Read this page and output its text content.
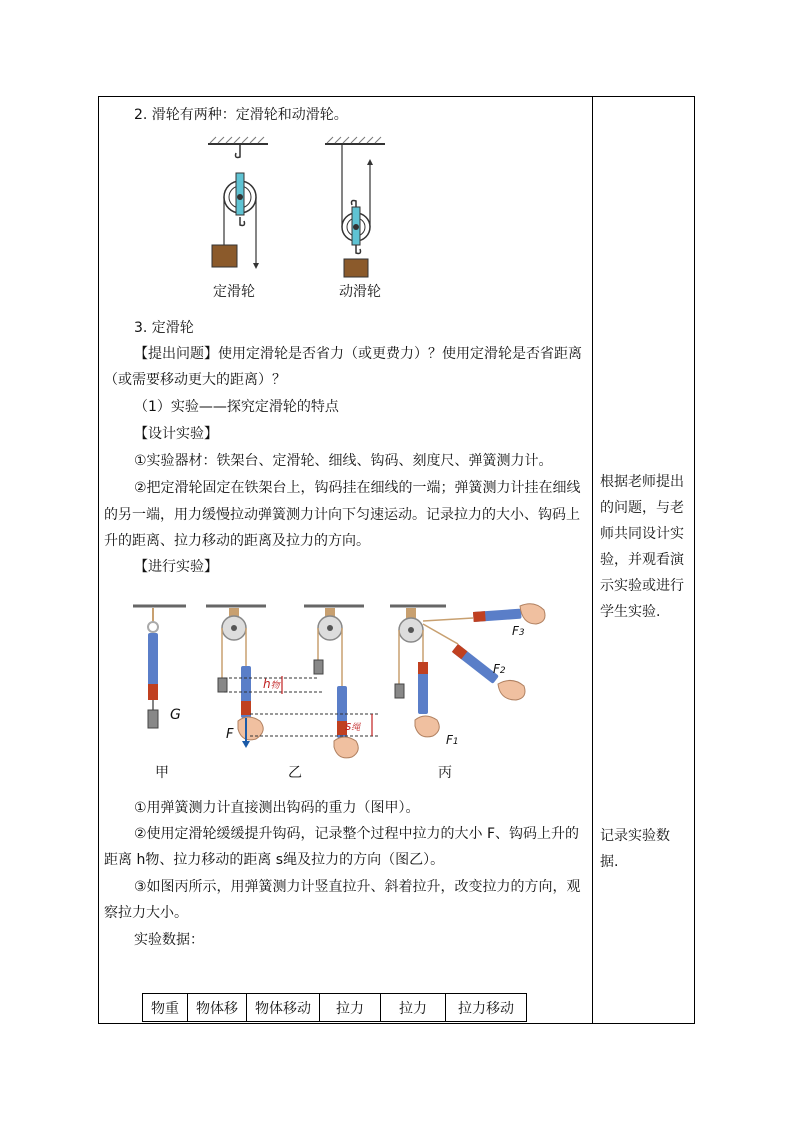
2. 滑轮有两种：定滑轮和动滑轮。
定滑轮	动滑轮
3. 定滑轮
【提出问题】使用定滑轮是否省力（或更费力）？使用定滑轮是否省距离
（或需要移动更大的距离）？
（1）实验——探究定滑轮的特点
【设计实验】
①实验器材：铁架台、定滑轮、细线、钩码、刻度尺、弹簧测力计。
②把定滑轮固定在铁架台上，钩码挂在细线的一端；弹簧测力计挂在细线
的另一端，用力缓慢拉动弹簧测力计向下匀速运动。记录拉力的大小、钩码上
升的距离、拉力移动的距离及拉力的方向。
【进行实验】
G
F
h物
s绳
F1
F2
F3
甲	乙	丙
①用弹簧测力计直接测出钩码的重力（图甲）。
②使用定滑轮缓缓提升钩码，记录整个过程中拉力的大小 F、钩码上升的
距离 h物、拉力移动的距离 s绳及拉力的方向（图乙）。
③如图丙所示，用弹簧测力计竖直拉升、斜着拉升，改变拉力的方向，观
察拉力大小。
实验数据：
物重	物体移	物体移动	拉力	拉力	拉力移动
根据老师提出
的问题，与老
师共同设计实
验，并观看演
示实验或进行
学生实验.
记录实验数
据.
